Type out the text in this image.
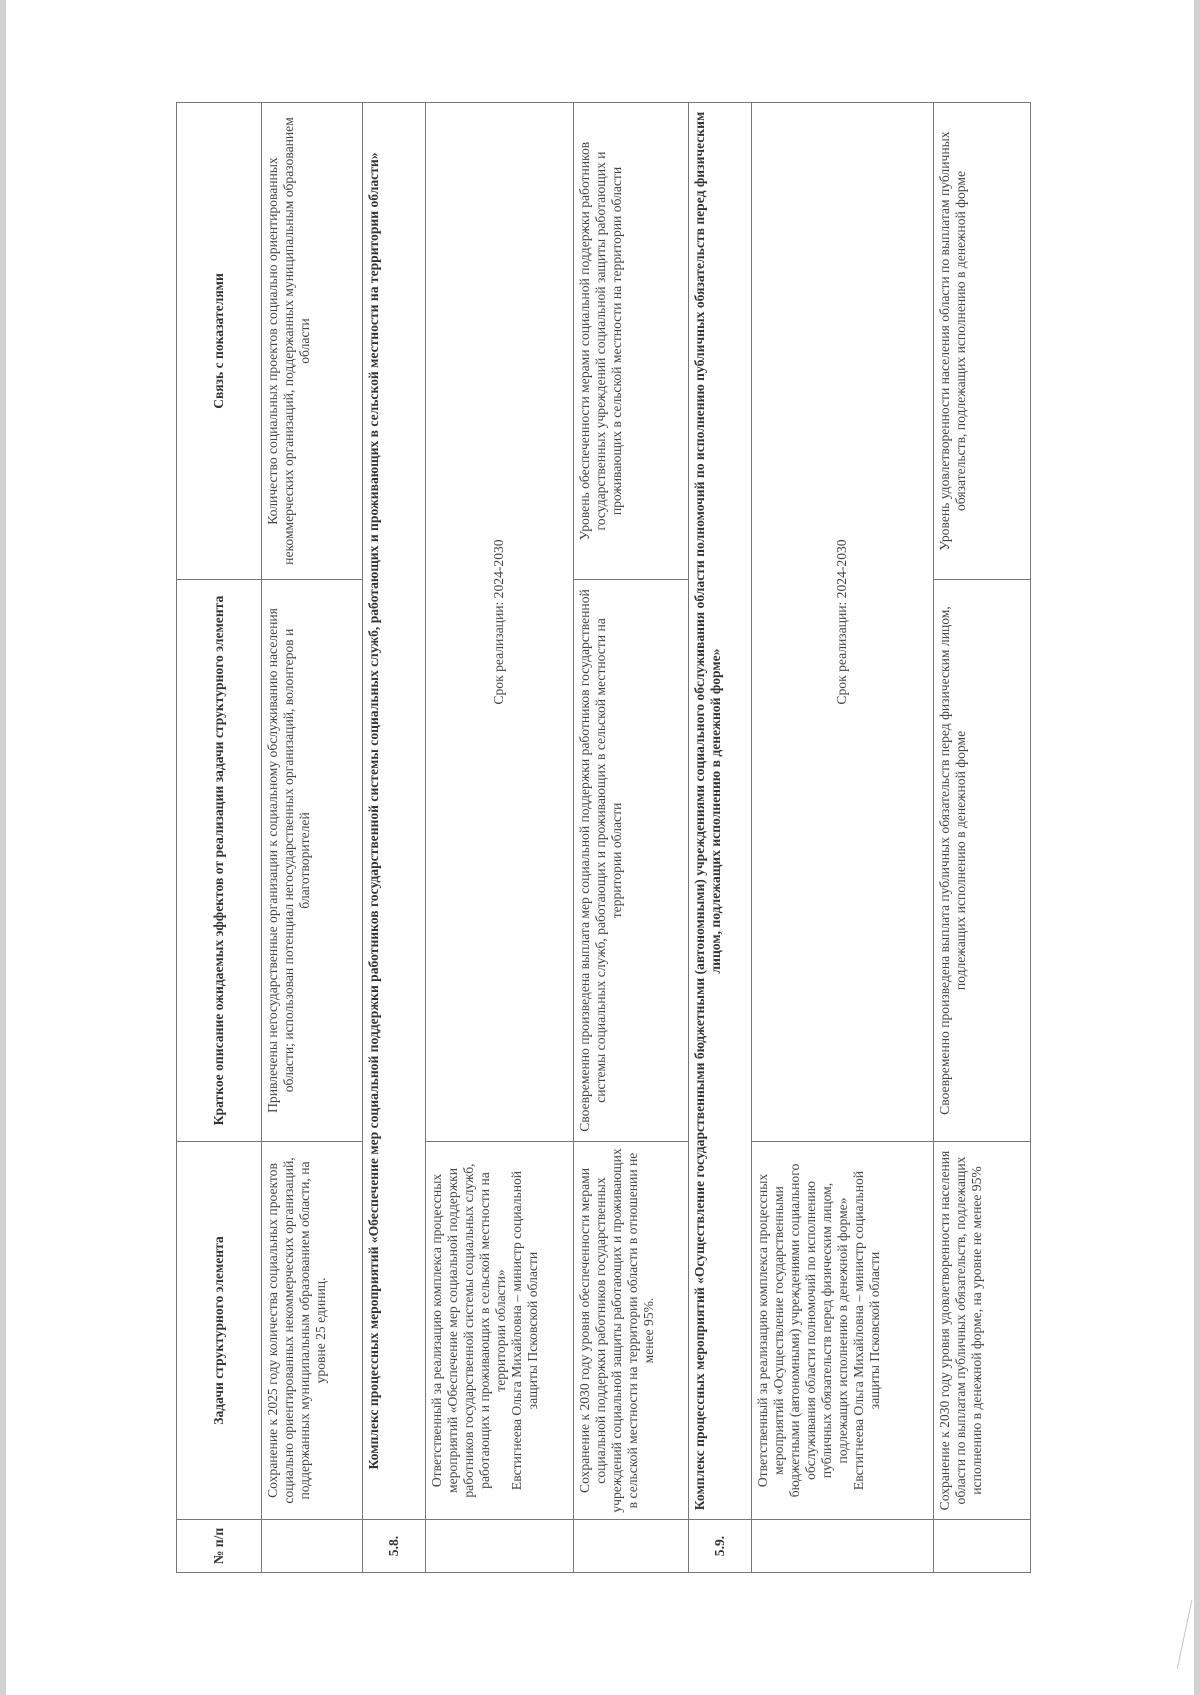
№ п/п	Задачи структурного элемента	Краткое описание ожидаемых эффектов от реализации задачи структурного элемента	Связь с показателями
	Сохранение к 2025 году количества социальных проектов социально ориентированных некоммерческих организаций, поддержанных муниципальным образованием области, на уровне 25 единиц.	Привлечены негосударственные организации к социальному обслуживанию населения области; использован потенциал негосударственных организаций, волонтеров и благотворителей	Количество социальных проектов социально ориентированных некоммерческих организаций, поддержанных муниципальным образованием области
5.8.	Комплекс процессных мероприятий «Обеспечение мер социальной поддержки работников государственной системы социальных служб, работающих и проживающих в сельской местности на территории области»		

	Ответственный за реализацию комплекса процессных мероприятий «Обеспечение мер социальной поддержки работников государственной системы социальных служб, работающих и проживающих в сельской местности на территории области» Евстигнеева Ольга Михайловна – министр социальной защиты Псковской области	Срок реализации: 2024-2030	
	Сохранение к 2030 году уровня обеспеченности мерами социальной поддержки работников государственных учреждений социальной защиты работающих и проживающих в сельской местности на территории области в отношении не менее 95%.	Своевременно произведена выплата мер социальной поддержки работников государственной системы социальных служб, работающих и проживающих в сельской местности на территории области	Уровень обеспеченности мерами социальной поддержки работников государственных учреждений социальной защиты работающих и проживающих в сельской местности на территории области
5.9.	Комплекс процессных мероприятий «Осуществление государственными бюджетными (автономными) учреждениями социального обслуживания области полномочий по исполнению публичных обязательств перед физическим лицом, подлежащих исполнению в денежной форме»		

	Ответственный за реализацию комплекса процессных мероприятий «Осуществление государственными бюджетными (автономными) учреждениями социального обслуживания области полномочий по исполнению публичных обязательств перед физическим лицом, подлежащих исполнению в денежной форме» Евстигнеева Ольга Михайловна – министр социальной защиты Псковской области	Срок реализации: 2024-2030	
	Сохранение к 2030 году уровня удовлетворенности населения области по выплатам публичных обязательств, подлежащих исполнению в денежной форме, на уровне не менее 95%	Своевременно произведена выплата публичных обязательств перед физическим лицом, подлежащих исполнению в денежной форме	Уровень удовлетворенности населения области по выплатам публичных обязательств, подлежащих исполнению в денежной форме
